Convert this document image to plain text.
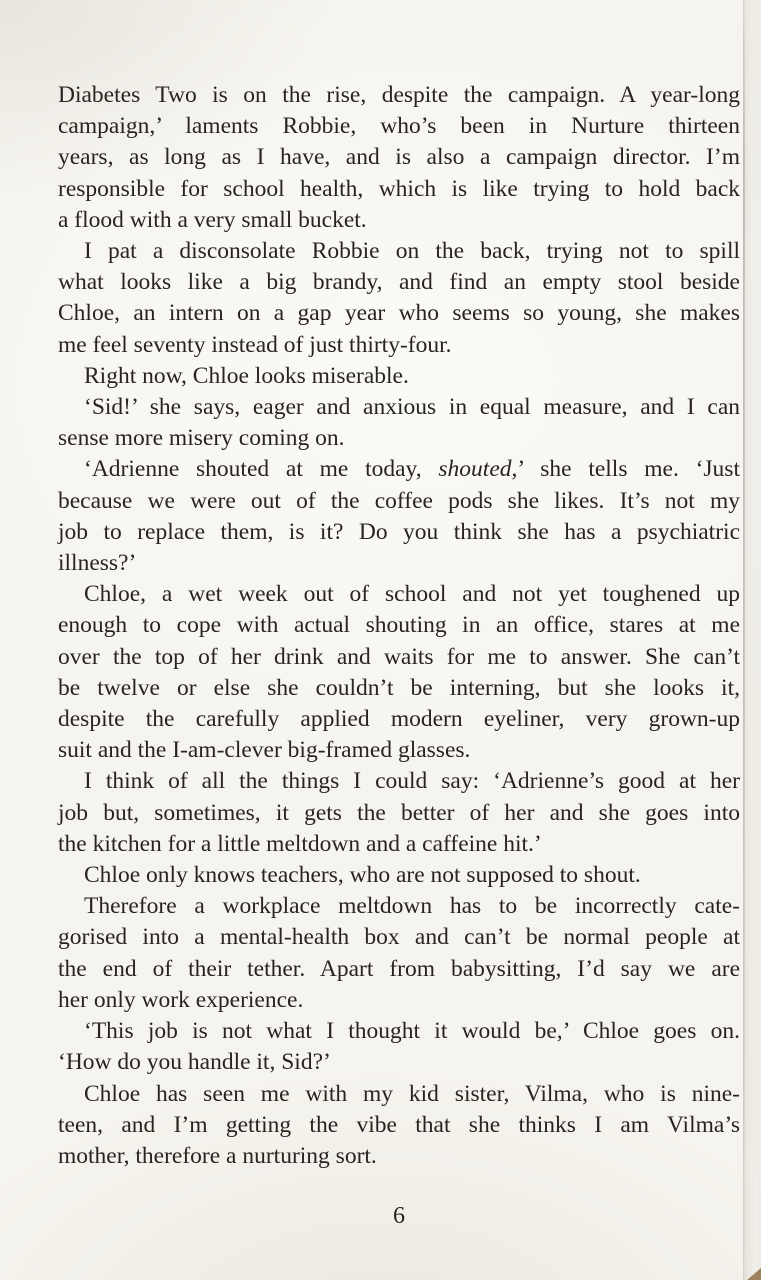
Diabetes Two is on the rise, despite the campaign. A year-long
campaign,’ laments Robbie, who’s been in Nurture thirteen
years, as long as I have, and is also a campaign director. I’m
responsible for school health, which is like trying to hold back
a flood with a very small bucket.
I pat a disconsolate Robbie on the back, trying not to spill
what looks like a big brandy, and find an empty stool beside
Chloe, an intern on a gap year who seems so young, she makes
me feel seventy instead of just thirty-four.
Right now, Chloe looks miserable.
‘Sid!’ she says, eager and anxious in equal measure, and I can
sense more misery coming on.
‘Adrienne shouted at me today, shouted,’ she tells me. ‘Just
because we were out of the coffee pods she likes. It’s not my
job to replace them, is it? Do you think she has a psychiatric
illness?’
Chloe, a wet week out of school and not yet toughened up
enough to cope with actual shouting in an office, stares at me
over the top of her drink and waits for me to answer. She can’t
be twelve or else she couldn’t be interning, but she looks it,
despite the carefully applied modern eyeliner, very grown-up
suit and the I-am-clever big-framed glasses.
I think of all the things I could say: ‘Adrienne’s good at her
job but, sometimes, it gets the better of her and she goes into
the kitchen for a little meltdown and a caffeine hit.’
Chloe only knows teachers, who are not supposed to shout.
Therefore a workplace meltdown has to be incorrectly cate-
gorised into a mental-health box and can’t be normal people at
the end of their tether. Apart from babysitting, I’d say we are
her only work experience.
‘This job is not what I thought it would be,’ Chloe goes on.
‘How do you handle it, Sid?’
Chloe has seen me with my kid sister, Vilma, who is nine-
teen, and I’m getting the vibe that she thinks I am Vilma’s
mother, therefore a nurturing sort.
6
